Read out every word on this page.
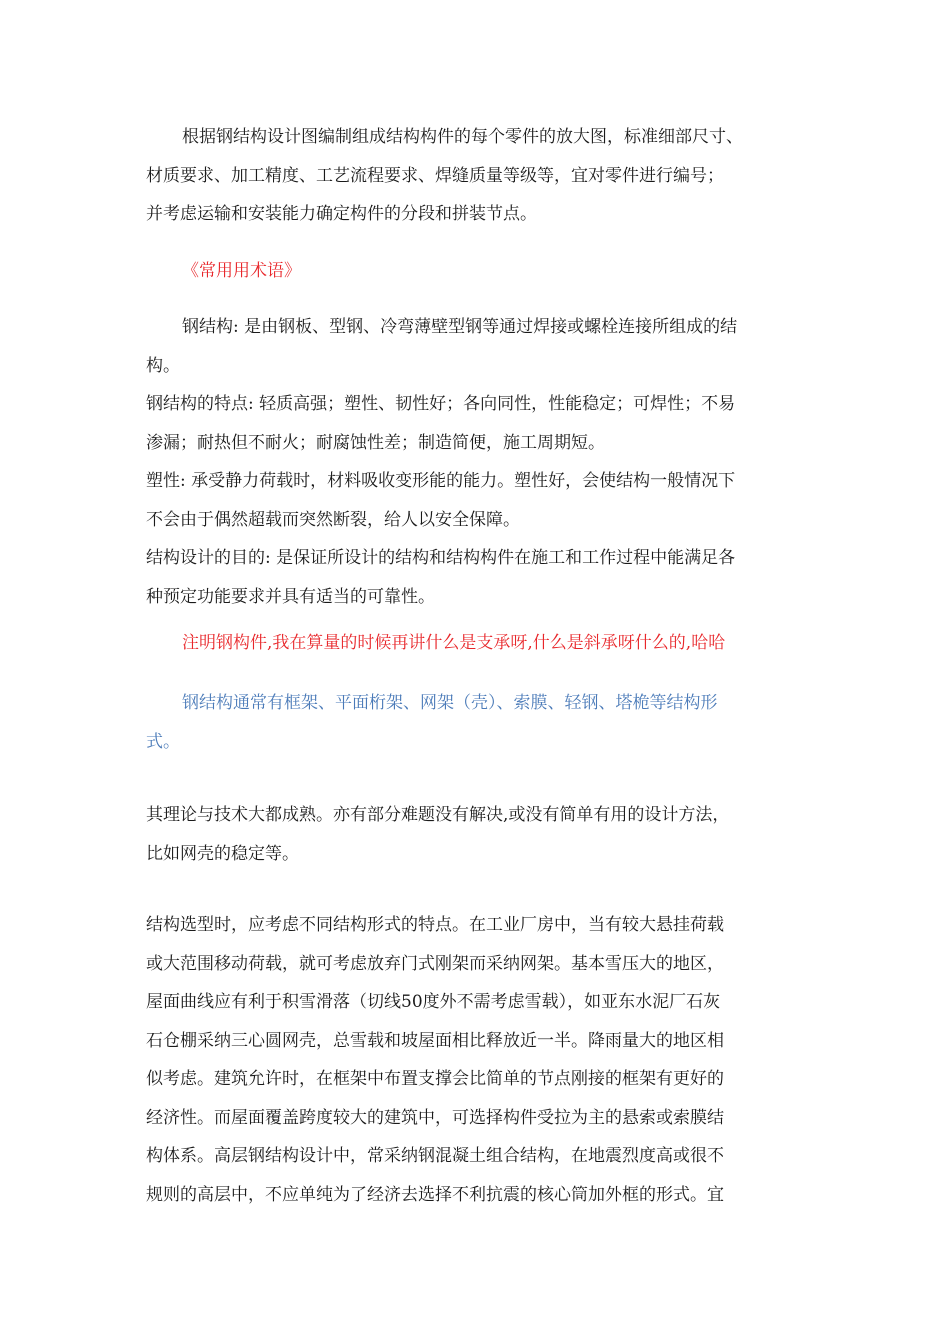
根据钢结构设计图编制组成结构构件的每个零件的放大图，标准细部尺寸、
材质要求、加工精度、工艺流程要求、焊缝质量等级等，宜对零件进行编号；
并考虑运输和安装能力确定构件的分段和拼装节点。
《常用用术语》
钢结构: 是由钢板、型钢、冷弯薄壁型钢等通过焊接或螺栓连接所组成的结
构。
钢结构的特点: 轻质高强；塑性、韧性好；各向同性，性能稳定；可焊性；不易
渗漏；耐热但不耐火；耐腐蚀性差；制造简便，施工周期短。
塑性: 承受静力荷载时，材料吸收变形能的能力。塑性好，会使结构一般情况下
不会由于偶然超载而突然断裂，给人以安全保障。
结构设计的目的: 是保证所设计的结构和结构构件在施工和工作过程中能满足各
种预定功能要求并具有适当的可靠性。
注明钢构件,我在算量的时候再讲什么是支承呀,什么是斜承呀什么的,哈哈
钢结构通常有框架、平面桁架、网架（壳）、索膜、轻钢、塔桅等结构形
式。
其理论与技术大都成熟。亦有部分难题没有解决,或没有简单有用的设计方法，
比如网壳的稳定等。
结构选型时，应考虑不同结构形式的特点。在工业厂房中，当有较大悬挂荷载
或大范围移动荷载，就可考虑放弃门式刚架而采纳网架。基本雪压大的地区，
屋面曲线应有利于积雪滑落（切线50度外不需考虑雪载），如亚东水泥厂石灰
石仓棚采纳三心圆网壳，总雪载和坡屋面相比释放近一半。降雨量大的地区相
似考虑。建筑允许时，在框架中布置支撑会比简单的节点刚接的框架有更好的
经济性。而屋面覆盖跨度较大的建筑中，可选择构件受拉为主的悬索或索膜结
构体系。高层钢结构设计中，常采纳钢混凝土组合结构，在地震烈度高或很不
规则的高层中，不应单纯为了经济去选择不利抗震的核心筒加外框的形式。宜
